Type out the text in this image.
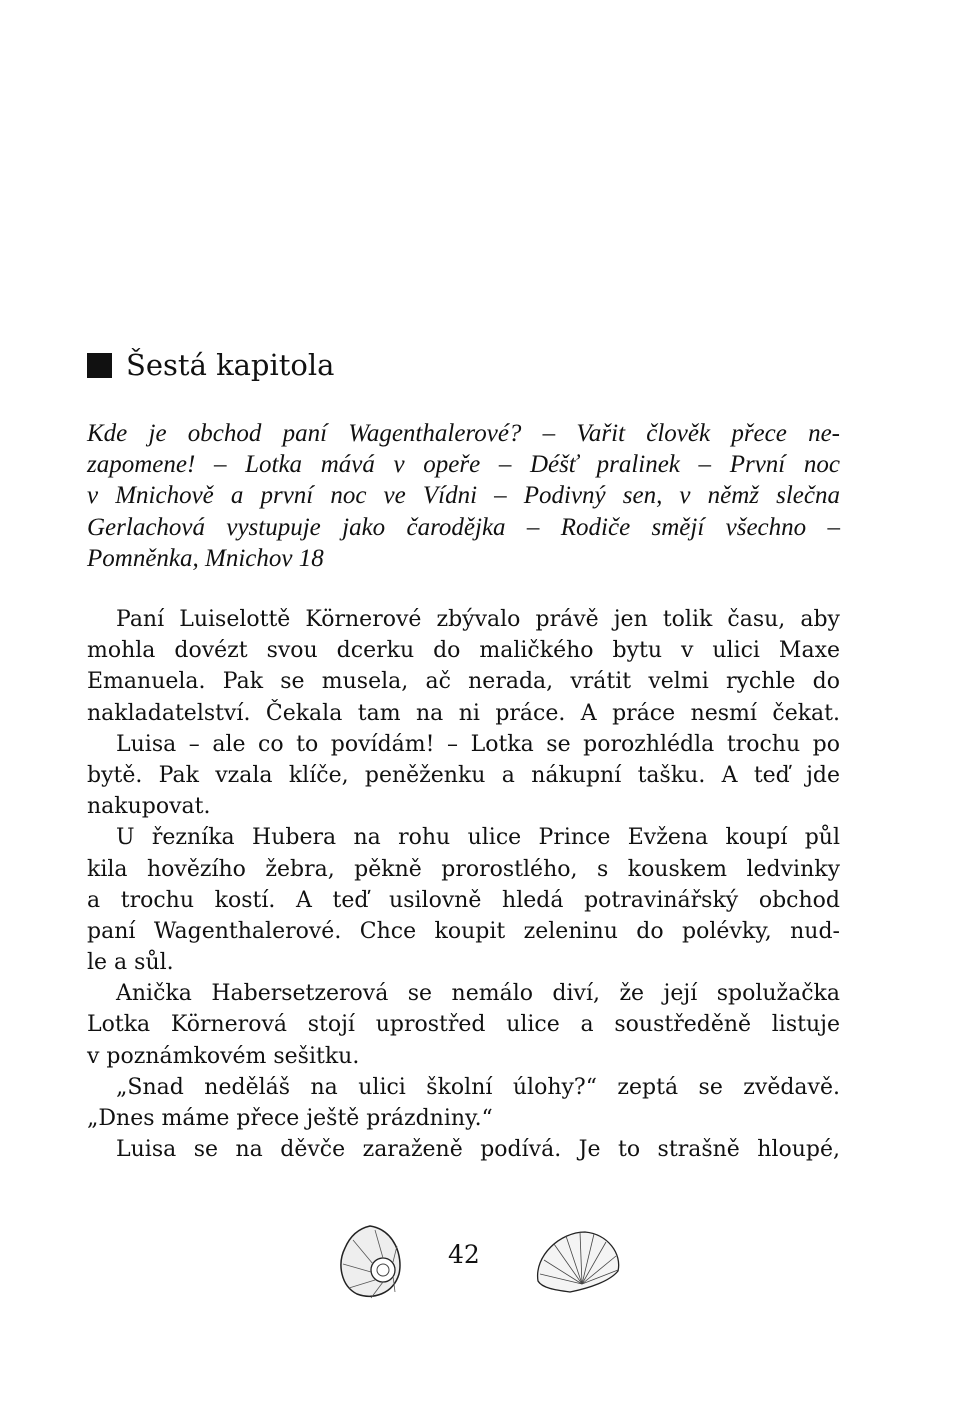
Šestá kapitola
Kde je obchod paní Wagenthalerové? – Vařit člověk přece ne-
zapomene! – Lotka mává v opeře – Déšť pralinek – První noc
v Mnichově a první noc ve Vídni – Podivný sen, v němž slečna
Gerlachová vystupuje jako čarodějka – Rodiče smějí všechno –
Pomněnka, Mnichov 18
Paní Luiselottě Körnerové zbývalo právě jen tolik času, aby
mohla dovézt svou dcerku do maličkého bytu v ulici Maxe
Emanuela. Pak se musela, ač nerada, vrátit velmi rychle do
nakladatelství. Čekala tam na ni práce. A práce nesmí čekat.
Luisa – ale co to povídám! – Lotka se porozhlédla trochu po
bytě. Pak vzala klíče, peněženku a nákupní tašku. A teď jde
nakupovat.
U řezníka Hubera na rohu ulice Prince Evžena koupí půl
kila hovězího žebra, pěkně prorostlého, s kouskem ledvinky
a trochu kostí. A teď usilovně hledá potravinářský obchod
paní Wagenthalerové. Chce koupit zeleninu do polévky, nud-
le a sůl.
Anička Habersetzerová se nemálo diví, že její spolužačka
Lotka Körnerová stojí uprostřed ulice a soustředěně listuje
v poznámkovém sešitku.
„Snad neděláš na ulici školní úlohy?“ zeptá se zvědavě.
„Dnes máme přece ještě prázdniny.“
Luisa se na děvče zaraženě podívá. Je to strašně hloupé,
42
